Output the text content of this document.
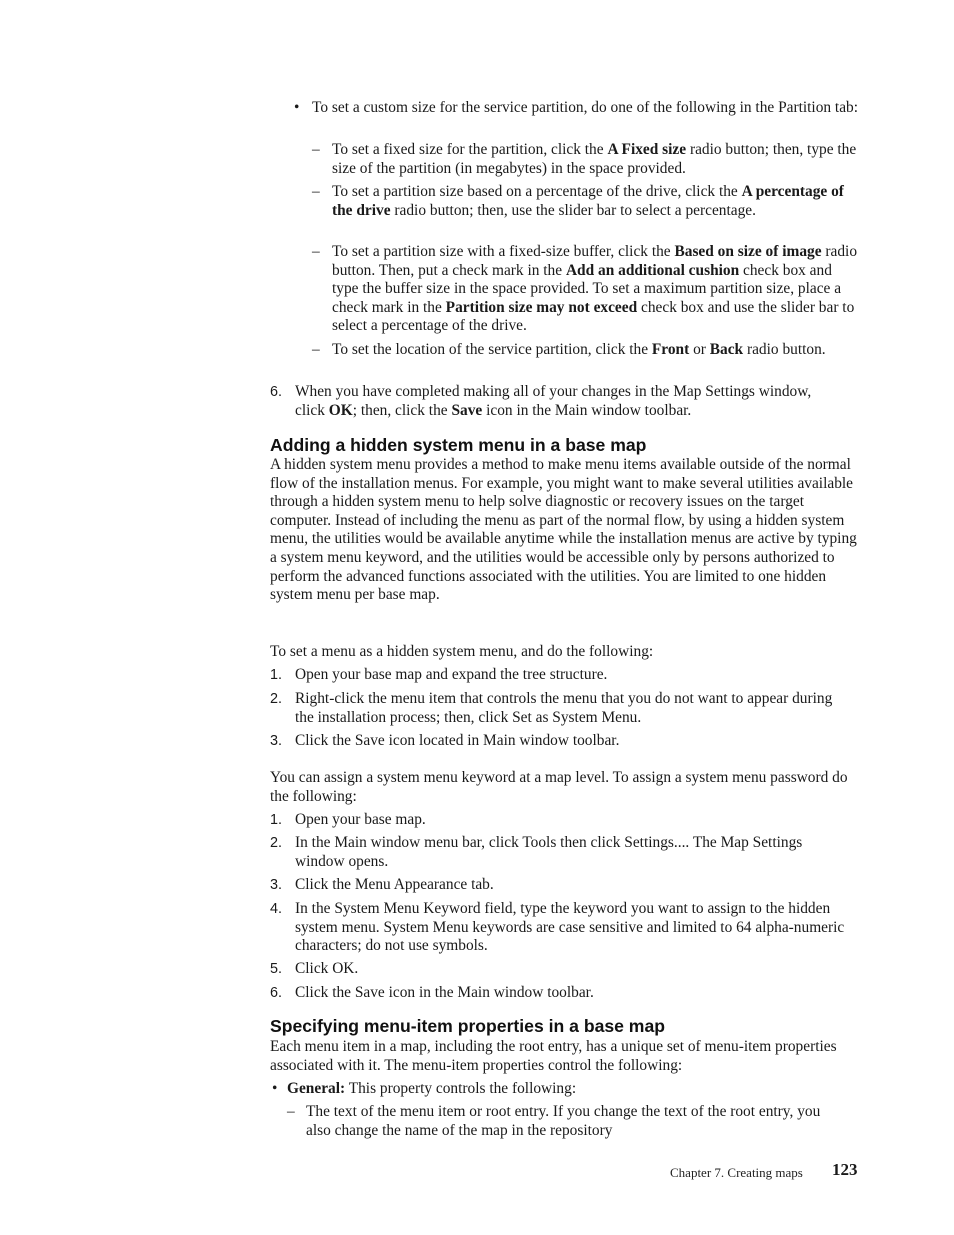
• To set a custom size for the service partition, do one of the following in the Partition tab:

– To set a fixed size for the partition, click the A Fixed size radio button; then, type the size of the partition (in megabytes) in the space provided.

– To set a partition size based on a percentage of the drive, click the A percentage of the drive radio button; then, use the slider bar to select a percentage.

– To set a partition size with a fixed-size buffer, click the Based on size of image radio button. Then, put a check mark in the Add an additional cushion check box and type the buffer size in the space provided. To set a maximum partition size, place a check mark in the Partition size may not exceed check box and use the slider bar to select a percentage of the drive.

– To set the location of the service partition, click the Front or Back radio button.

6. When you have completed making all of your changes in the Map Settings window, click OK; then, click the Save icon in the Main window toolbar.

Adding a hidden system menu in a base map

A hidden system menu provides a method to make menu items available outside of the normal flow of the installation menus. For example, you might want to make several utilities available through a hidden system menu to help solve diagnostic or recovery issues on the target computer. Instead of including the menu as part of the normal flow, by using a hidden system menu, the utilities would be available anytime while the installation menus are active by typing a system menu keyword, and the utilities would be accessible only by persons authorized to perform the advanced functions associated with the utilities. You are limited to one hidden system menu per base map.

To set a menu as a hidden system menu, and do the following:

1. Open your base map and expand the tree structure.

2. Right-click the menu item that controls the menu that you do not want to appear during the installation process; then, click Set as System Menu.

3. Click the Save icon located in Main window toolbar.

You can assign a system menu keyword at a map level. To assign a system menu password do the following:

1. Open your base map.

2. In the Main window menu bar, click Tools then click Settings.... The Map Settings window opens.

3. Click the Menu Appearance tab.

4. In the System Menu Keyword field, type the keyword you want to assign to the hidden system menu. System Menu keywords are case sensitive and limited to 64 alpha-numeric characters; do not use symbols.

5. Click OK.

6. Click the Save icon in the Main window toolbar.

Specifying menu-item properties in a base map

Each menu item in a map, including the root entry, has a unique set of menu-item properties associated with it. The menu-item properties control the following:

• General: This property controls the following:

– The text of the menu item or root entry. If you change the text of the root entry, you also change the name of the map in the repository

Chapter 7. Creating maps 123
